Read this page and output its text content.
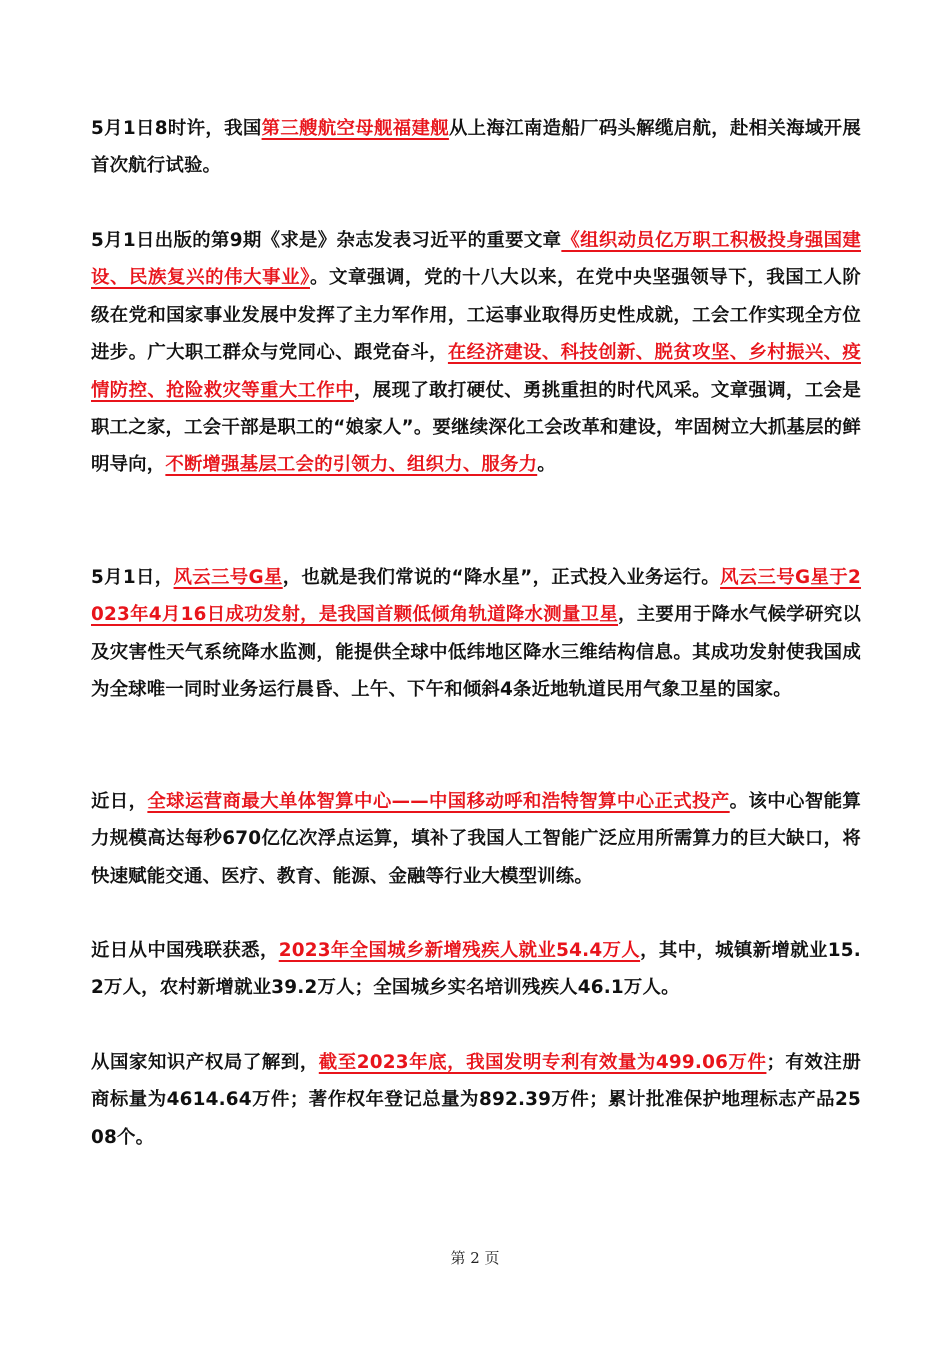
5月1日8时许，我国第三艘航空母舰福建舰从上海江南造船厂码头解缆启航，赴相关海域开展首次航行试验。

5月1日出版的第9期《求是》杂志发表习近平的重要文章《组织动员亿万职工积极投身强国建设、民族复兴的伟大事业》。文章强调，党的十八大以来，在党中央坚强领导下，我国工人阶级在党和国家事业发展中发挥了主力军作用，工运事业取得历史性成就，工会工作实现全方位进步。广大职工群众与党同心、跟党奋斗，在经济建设、科技创新、脱贫攻坚、乡村振兴、疫情防控、抢险救灾等重大工作中，展现了敢打硬仗、勇挑重担的时代风采。文章强调，工会是职工之家，工会干部是职工的“娘家人”。要继续深化工会改革和建设，牢固树立大抓基层的鲜明导向，不断增强基层工会的引领力、组织力、服务力。

5月1日，风云三号G星，也就是我们常说的“降水星”，正式投入业务运行。风云三号G星于2023年4月16日成功发射，是我国首颗低倾角轨道降水测量卫星，主要用于降水气候学研究以及灾害性天气系统降水监测，能提供全球中低纬地区降水三维结构信息。其成功发射使我国成为全球唯一同时业务运行晨昏、上午、下午和倾斜4条近地轨道民用气象卫星的国家。

近日，全球运营商最大单体智算中心——中国移动呼和浩特智算中心正式投产。该中心智能算力规模高达每秒670亿亿次浮点运算，填补了我国人工智能广泛应用所需算力的巨大缺口，将快速赋能交通、医疗、教育、能源、金融等行业大模型训练。

近日从中国残联获悉，2023年全国城乡新增残疾人就业54.4万人，其中，城镇新增就业15.2万人，农村新增就业39.2万人；全国城乡实名培训残疾人46.1万人。

从国家知识产权局了解到，截至2023年底，我国发明专利有效量为499.06万件；有效注册商标量为4614.64万件；著作权年登记总量为892.39万件；累计批准保护地理标志产品2508个。

第 2 页
